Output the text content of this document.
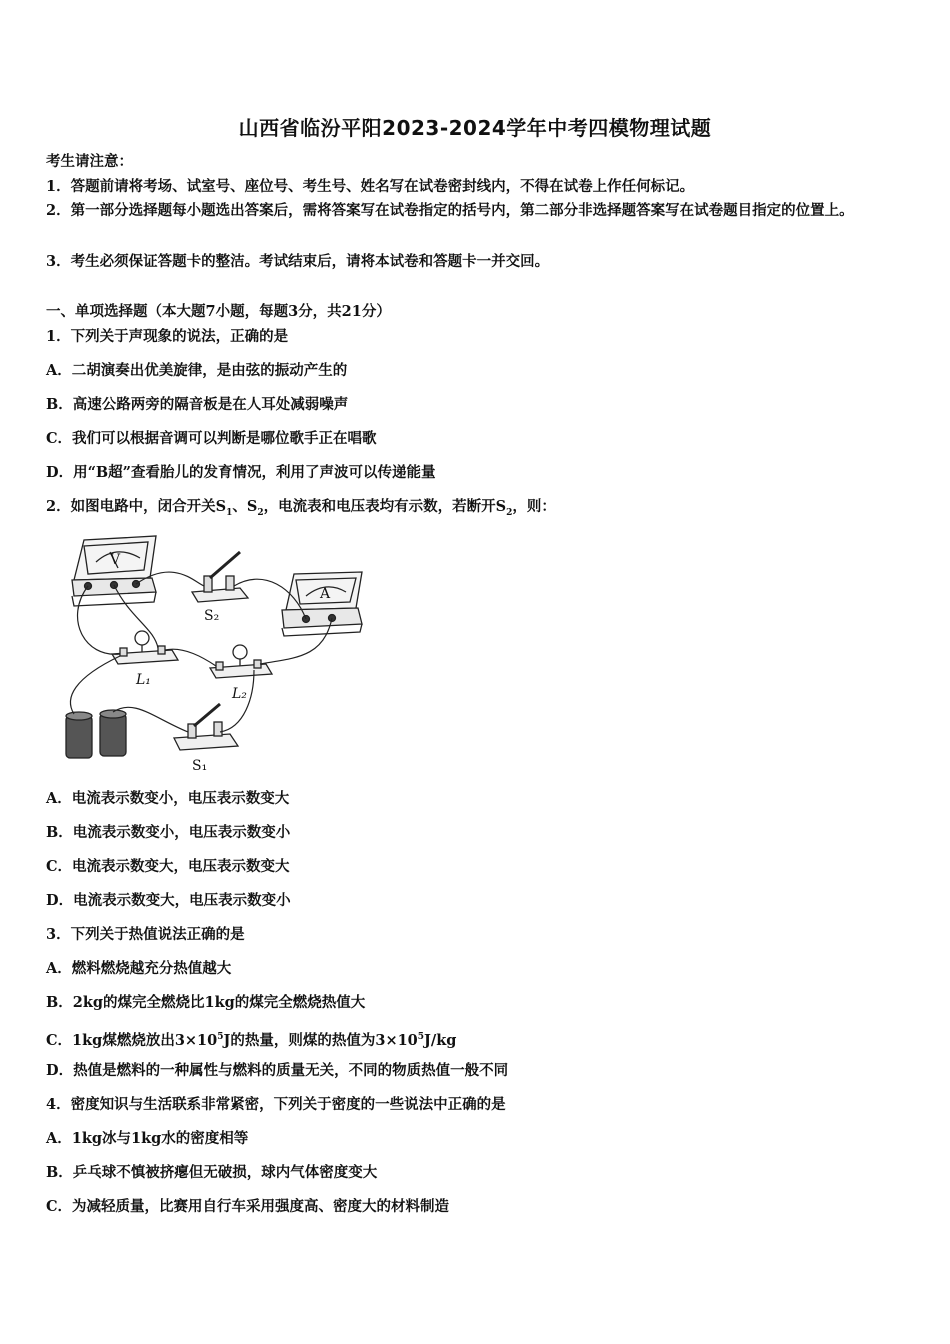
山西省临汾平阳2023-2024学年中考四模物理试题
考生请注意：
1．答题前请将考场、试室号、座位号、考生号、姓名写在试卷密封线内，不得在试卷上作任何标记。
2．第一部分选择题每小题选出答案后，需将答案写在试卷指定的括号内，第二部分非选择题答案写在试卷题目指定的位置上。
3．考生必须保证答题卡的整洁。考试结束后，请将本试卷和答题卡一并交回。
一、单项选择题（本大题7小题，每题3分，共21分）
1．下列关于声现象的说法，正确的是
A．二胡演奏出优美旋律，是由弦的振动产生的
B．高速公路两旁的隔音板是在人耳处减弱噪声
C．我们可以根据音调可以判断是哪位歌手正在唱歌
D．用“B超”查看胎儿的发育情况，利用了声波可以传递能量
2．如图电路中，闭合开关$S_1$、$S_2$，电流表和电压表均有示数，若断开$S_2$，则：
V
A
S₂
L₁
L₂
S₁
A．电流表示数变小，电压表示数变大
B．电流表示数变小，电压表示数变小
C．电流表示数变大，电压表示数变大
D．电流表示数变大，电压表示数变小
3．下列关于热值说法正确的是
A．燃料燃烧越充分热值越大
B．2kg的煤完全燃烧比1kg的煤完全燃烧热值大
C．1kg煤燃烧放出$3\times 10^5J$的热量，则煤的热值为$3\times 10^5J/kg$
D．热值是燃料的一种属性与燃料的质量无关，不同的物质热值一般不同
4．密度知识与生活联系非常紧密，下列关于密度的一些说法中正确的是
A．1kg冰与1kg水的密度相等
B．乒乓球不慎被挤瘪但无破损，球内气体密度变大
C．为减轻质量，比赛用自行车采用强度高、密度大的材料制造
